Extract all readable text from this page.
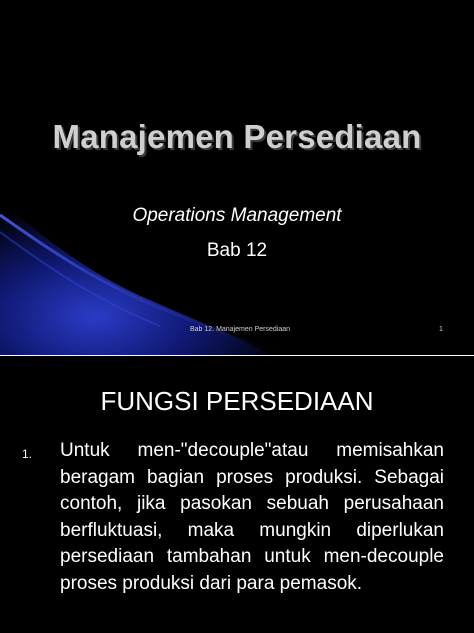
Manajemen Persediaan
Operations Management
Bab 12
Bab 12. Manajemen Persediaan	1
FUNGSI PERSEDIAAN
1. Untuk men-"decouple"atau memisahkan beragam bagian proses produksi. Sebagai contoh, jika pasokan sebuah perusahaan berfluktuasi, maka mungkin diperlukan persediaan tambahan untuk men-decouple proses produksi dari para pemasok.
